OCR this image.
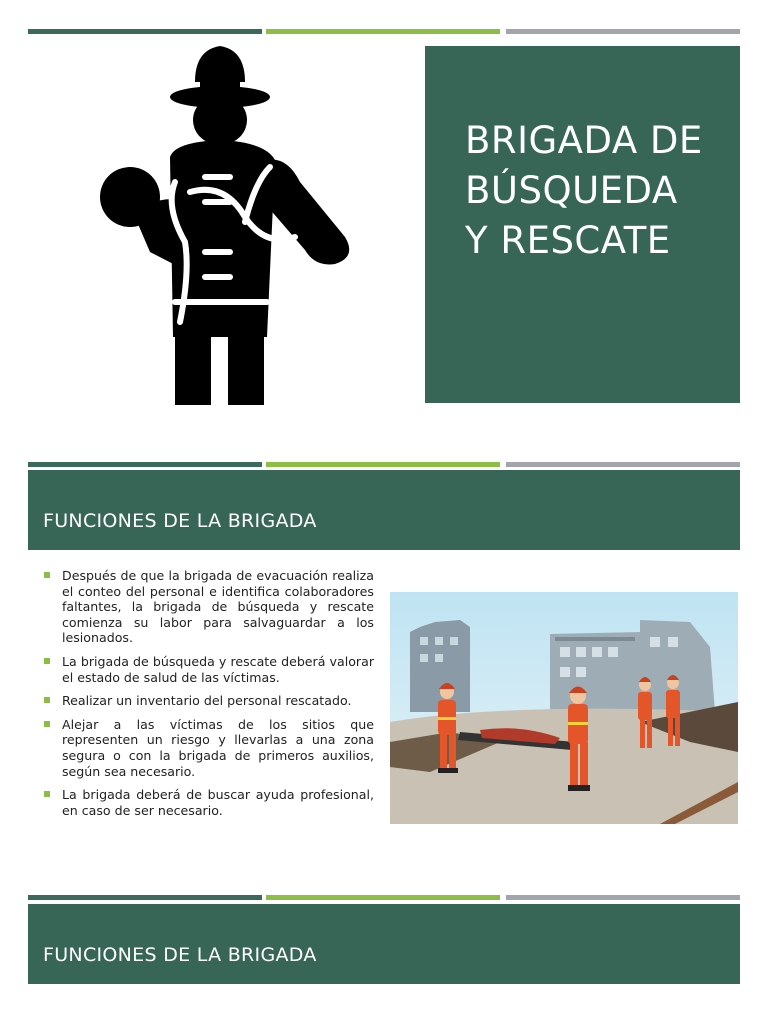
BRIGADA DE
BÚSQUEDA
Y RESCATE
FUNCIONES DE LA BRIGADA
Después de que la brigada de evacuación realiza el conteo del personal e identifica colaboradores faltantes, la brigada de búsqueda y rescate comienza su labor para salvaguardar a los lesionados.
La brigada de búsqueda y rescate deberá valorar el estado de salud de las víctimas.
Realizar un inventario del personal rescatado.
Alejar a las víctimas de los sitios que representen un riesgo y llevarlas a una zona segura o con la brigada de primeros auxilios, según sea necesario.
La brigada deberá de buscar ayuda profesional, en caso de ser necesario.
FUNCIONES DE LA BRIGADA
